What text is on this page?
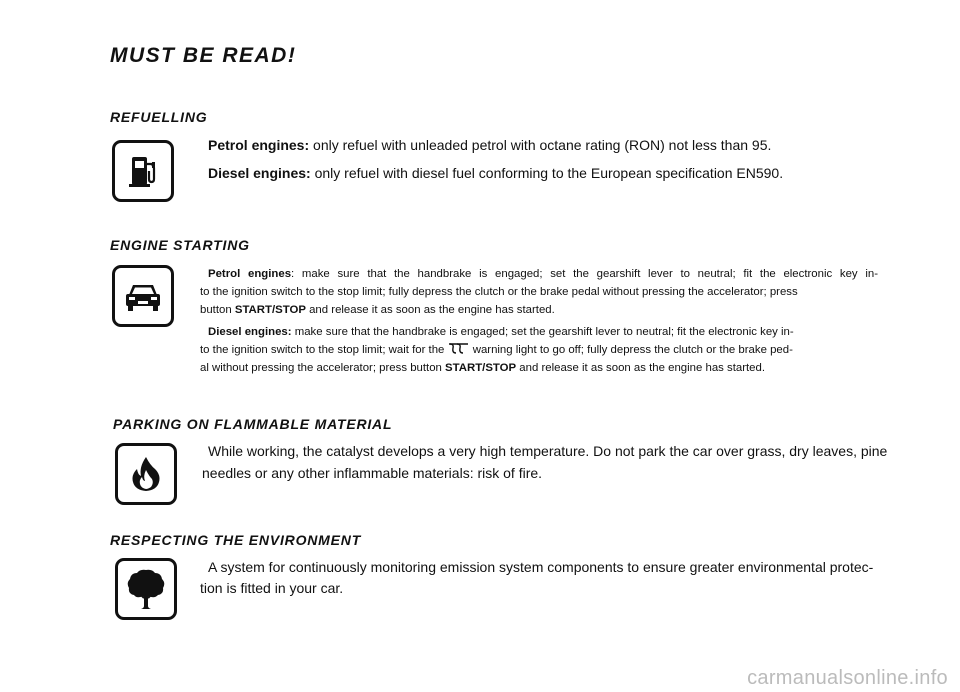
MUST BE READ!
REFUELLING
Petrol engines: only refuel with unleaded petrol with octane rating (RON) not less than 95.
Diesel engines: only refuel with diesel fuel conforming to the European specification EN590.
ENGINE STARTING
Petrol engines: make sure that the handbrake is engaged; set the gearshift lever to neutral; fit the electronic key in-
to the ignition switch to the stop limit; fully depress the clutch or the brake pedal without pressing the accelerator; press
button START/STOP and release it as soon as the engine has started.
Diesel engines: make sure that the handbrake is engaged; set the gearshift lever to neutral; fit the electronic key in-
to the ignition switch to the stop limit; wait for the  warning light to go off; fully depress the clutch or the brake ped-
al without pressing the accelerator; press button START/STOP and release it as soon as the engine has started.
PARKING ON FLAMMABLE MATERIAL
While working, the catalyst develops a very high temperature. Do not park the car over grass, dry leaves, pine
needles or any other inflammable materials: risk of fire.
RESPECTING THE ENVIRONMENT
A system for continuously monitoring emission system components to ensure greater environmental protec-
tion is fitted in your car.
carmanualsonline.info
